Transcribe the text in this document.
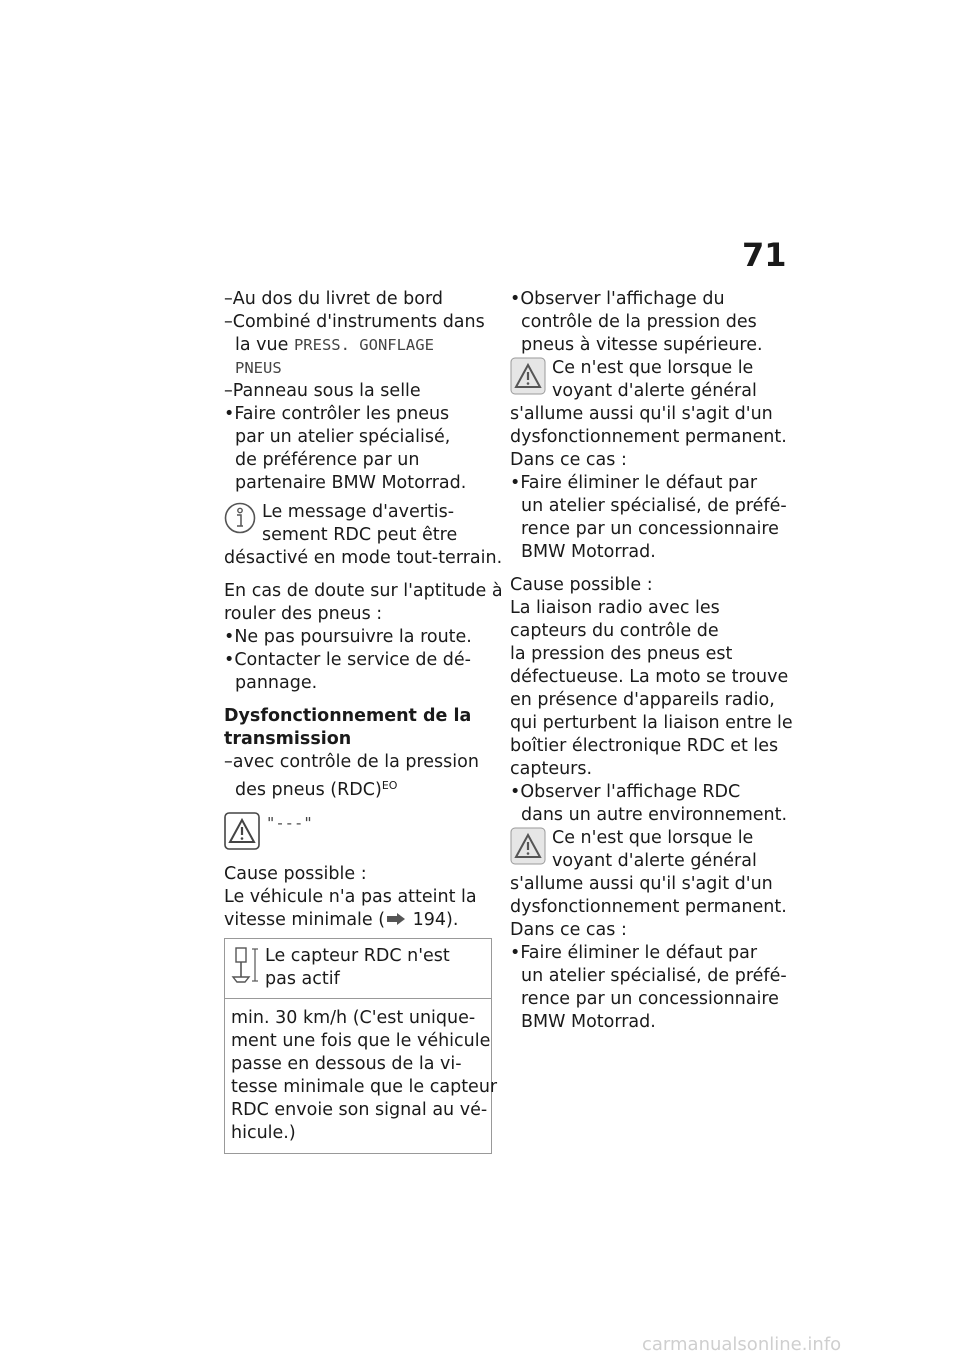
71
–Au dos du livret de bord
–Combiné d'instruments dans
la vue PRESS. GONFLAGE
PNEUS
–Panneau sous la selle
•Faire contrôler les pneus
par un atelier spécialisé,
de préférence par un
partenaire BMW Motorrad.
Le message d'avertis-
sement RDC peut être
désactivé en mode tout-terrain.
En cas de doute sur l'aptitude à
rouler des pneus :
•Ne pas poursuivre la route.
•Contacter le service de dé-
pannage.
Dysfonctionnement de la
transmission
–avec contrôle de la pression
des pneus (RDC)$^{EO}$
"---"
Cause possible :
Le véhicule n'a pas atteint la
vitesse minimale ( 194).
Le capteur RDC n'est
pas actif
min. 30 km/h (C'est unique-
ment une fois que le véhicule
passe en dessous de la vi-
tesse minimale que le capteur
RDC envoie son signal au vé-
hicule.)
•Observer l'affichage du
contrôle de la pression des
pneus à vitesse supérieure.
Ce n'est que lorsque le
voyant d'alerte général
s'allume aussi qu'il s'agit d'un
dysfonctionnement permanent.
Dans ce cas :
•Faire éliminer le défaut par
un atelier spécialisé, de préfé-
rence par un concessionnaire
BMW Motorrad.
Cause possible :
La liaison radio avec les
capteurs du contrôle de
la pression des pneus est
défectueuse. La moto se trouve
en présence d'appareils radio,
qui perturbent la liaison entre le
boîtier électronique RDC et les
capteurs.
•Observer l'affichage RDC
dans un autre environnement.
Ce n'est que lorsque le
voyant d'alerte général
s'allume aussi qu'il s'agit d'un
dysfonctionnement permanent.
Dans ce cas :
•Faire éliminer le défaut par
un atelier spécialisé, de préfé-
rence par un concessionnaire
BMW Motorrad.
carmanualsonline.info
